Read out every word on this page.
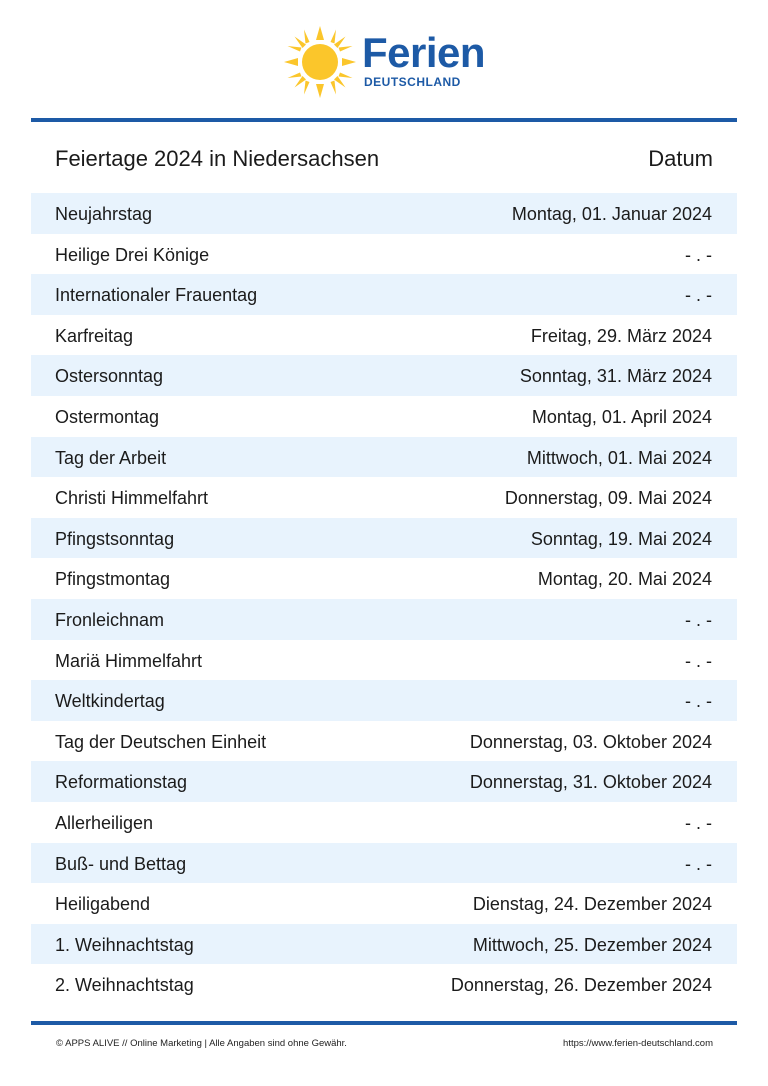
Ferien
DEUTSCHLAND
Feiertage 2024 in Niedersachsen	Datum
Neujahrstag	Montag, 01. Januar 2024
Heilige Drei Könige	- . -
Internationaler Frauentag	- . -
Karfreitag	Freitag, 29. März 2024
Ostersonntag	Sonntag, 31. März 2024
Ostermontag	Montag, 01. April 2024
Tag der Arbeit	Mittwoch, 01. Mai 2024
Christi Himmelfahrt	Donnerstag, 09. Mai 2024
Pfingstsonntag	Sonntag, 19. Mai 2024
Pfingstmontag	Montag, 20. Mai 2024
Fronleichnam	- . -
Mariä Himmelfahrt	- . -
Weltkindertag	- . -
Tag der Deutschen Einheit	Donnerstag, 03. Oktober 2024
Reformationstag	Donnerstag, 31. Oktober 2024
Allerheiligen	- . -
Buß- und Bettag	- . -
Heiligabend	Dienstag, 24. Dezember 2024
1. Weihnachtstag	Mittwoch, 25. Dezember 2024
2. Weihnachtstag	Donnerstag, 26. Dezember 2024
© APPS ALIVE // Online Marketing | Alle Angaben sind ohne Gewähr.	https://www.ferien-deutschland.com
